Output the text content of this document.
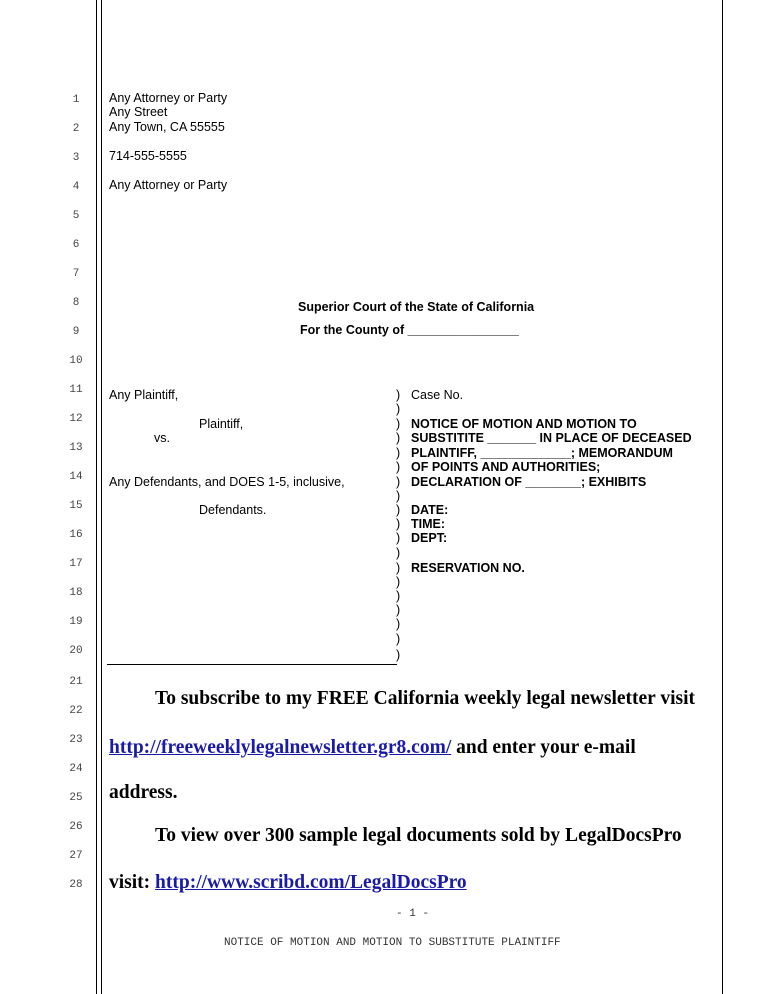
1
2
3
4
5
6
7
8
9
10
11
12
13
14
15
16
17
18
19
20
21
22
23
24
25
26
27
28
Any Attorney or Party
Any Street
Any Town, CA 55555
714-555-5555
Any Attorney or Party
Superior Court of the State of California
For the County of ________________
Any Plaintiff,
Plaintiff,
vs.
Any Defendants, and DOES 1-5, inclusive,
Defendants.
Case No.
NOTICE OF MOTION AND MOTION TO
SUBSTITITE _______ IN PLACE OF DECEASED
PLAINTIFF, _____________; MEMORANDUM
OF POINTS AND AUTHORITIES;
DECLARATION OF ________; EXHIBITS
DATE:
TIME:
DEPT:
RESERVATION NO.
)
)
)
)
)
)
)
)
)
)
)
)
)
)
)
)
)
)
)
To subscribe to my FREE California weekly legal newsletter visit
http://freeweeklylegalnewsletter.gr8.com/ and enter your e-mail
address.
To view over 300 sample legal documents sold by LegalDocsPro
visit: http://www.scribd.com/LegalDocsPro
- 1 -
NOTICE OF MOTION AND MOTION TO SUBSTITUTE PLAINTIFF
